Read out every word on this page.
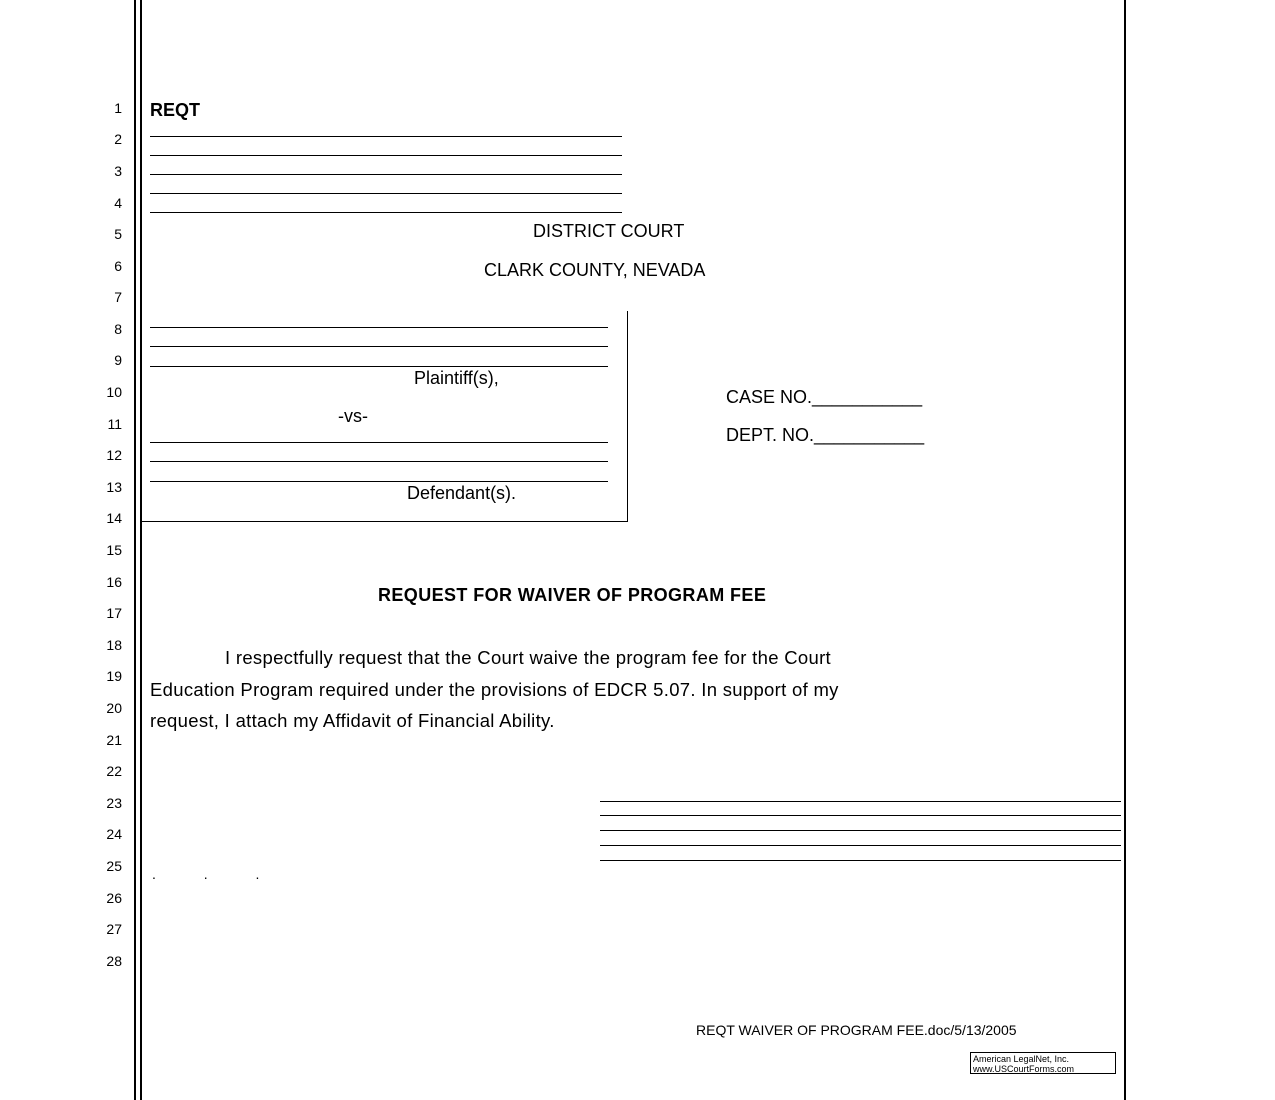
1
2
3
4
5
6
7
8
9
10
11
12
13
14
15
16
17
18
19
20
21
22
23
24
25
26
27
28
REQT
DISTRICT COURT
CLARK COUNTY, NEVADA
Plaintiff(s),
-vs-
Defendant(s).
CASE NO.___________
DEPT. NO.___________
REQUEST FOR WAIVER OF PROGRAM FEE
I respectfully request that the Court waive the program fee for the Court
Education Program required under the provisions of EDCR 5.07. In support of my
request, I attach my Affidavit of Financial Ability.
. . .
REQT WAIVER OF PROGRAM FEE.doc/5/13/2005
American LegalNet, Inc.
www.USCourtForms.com
